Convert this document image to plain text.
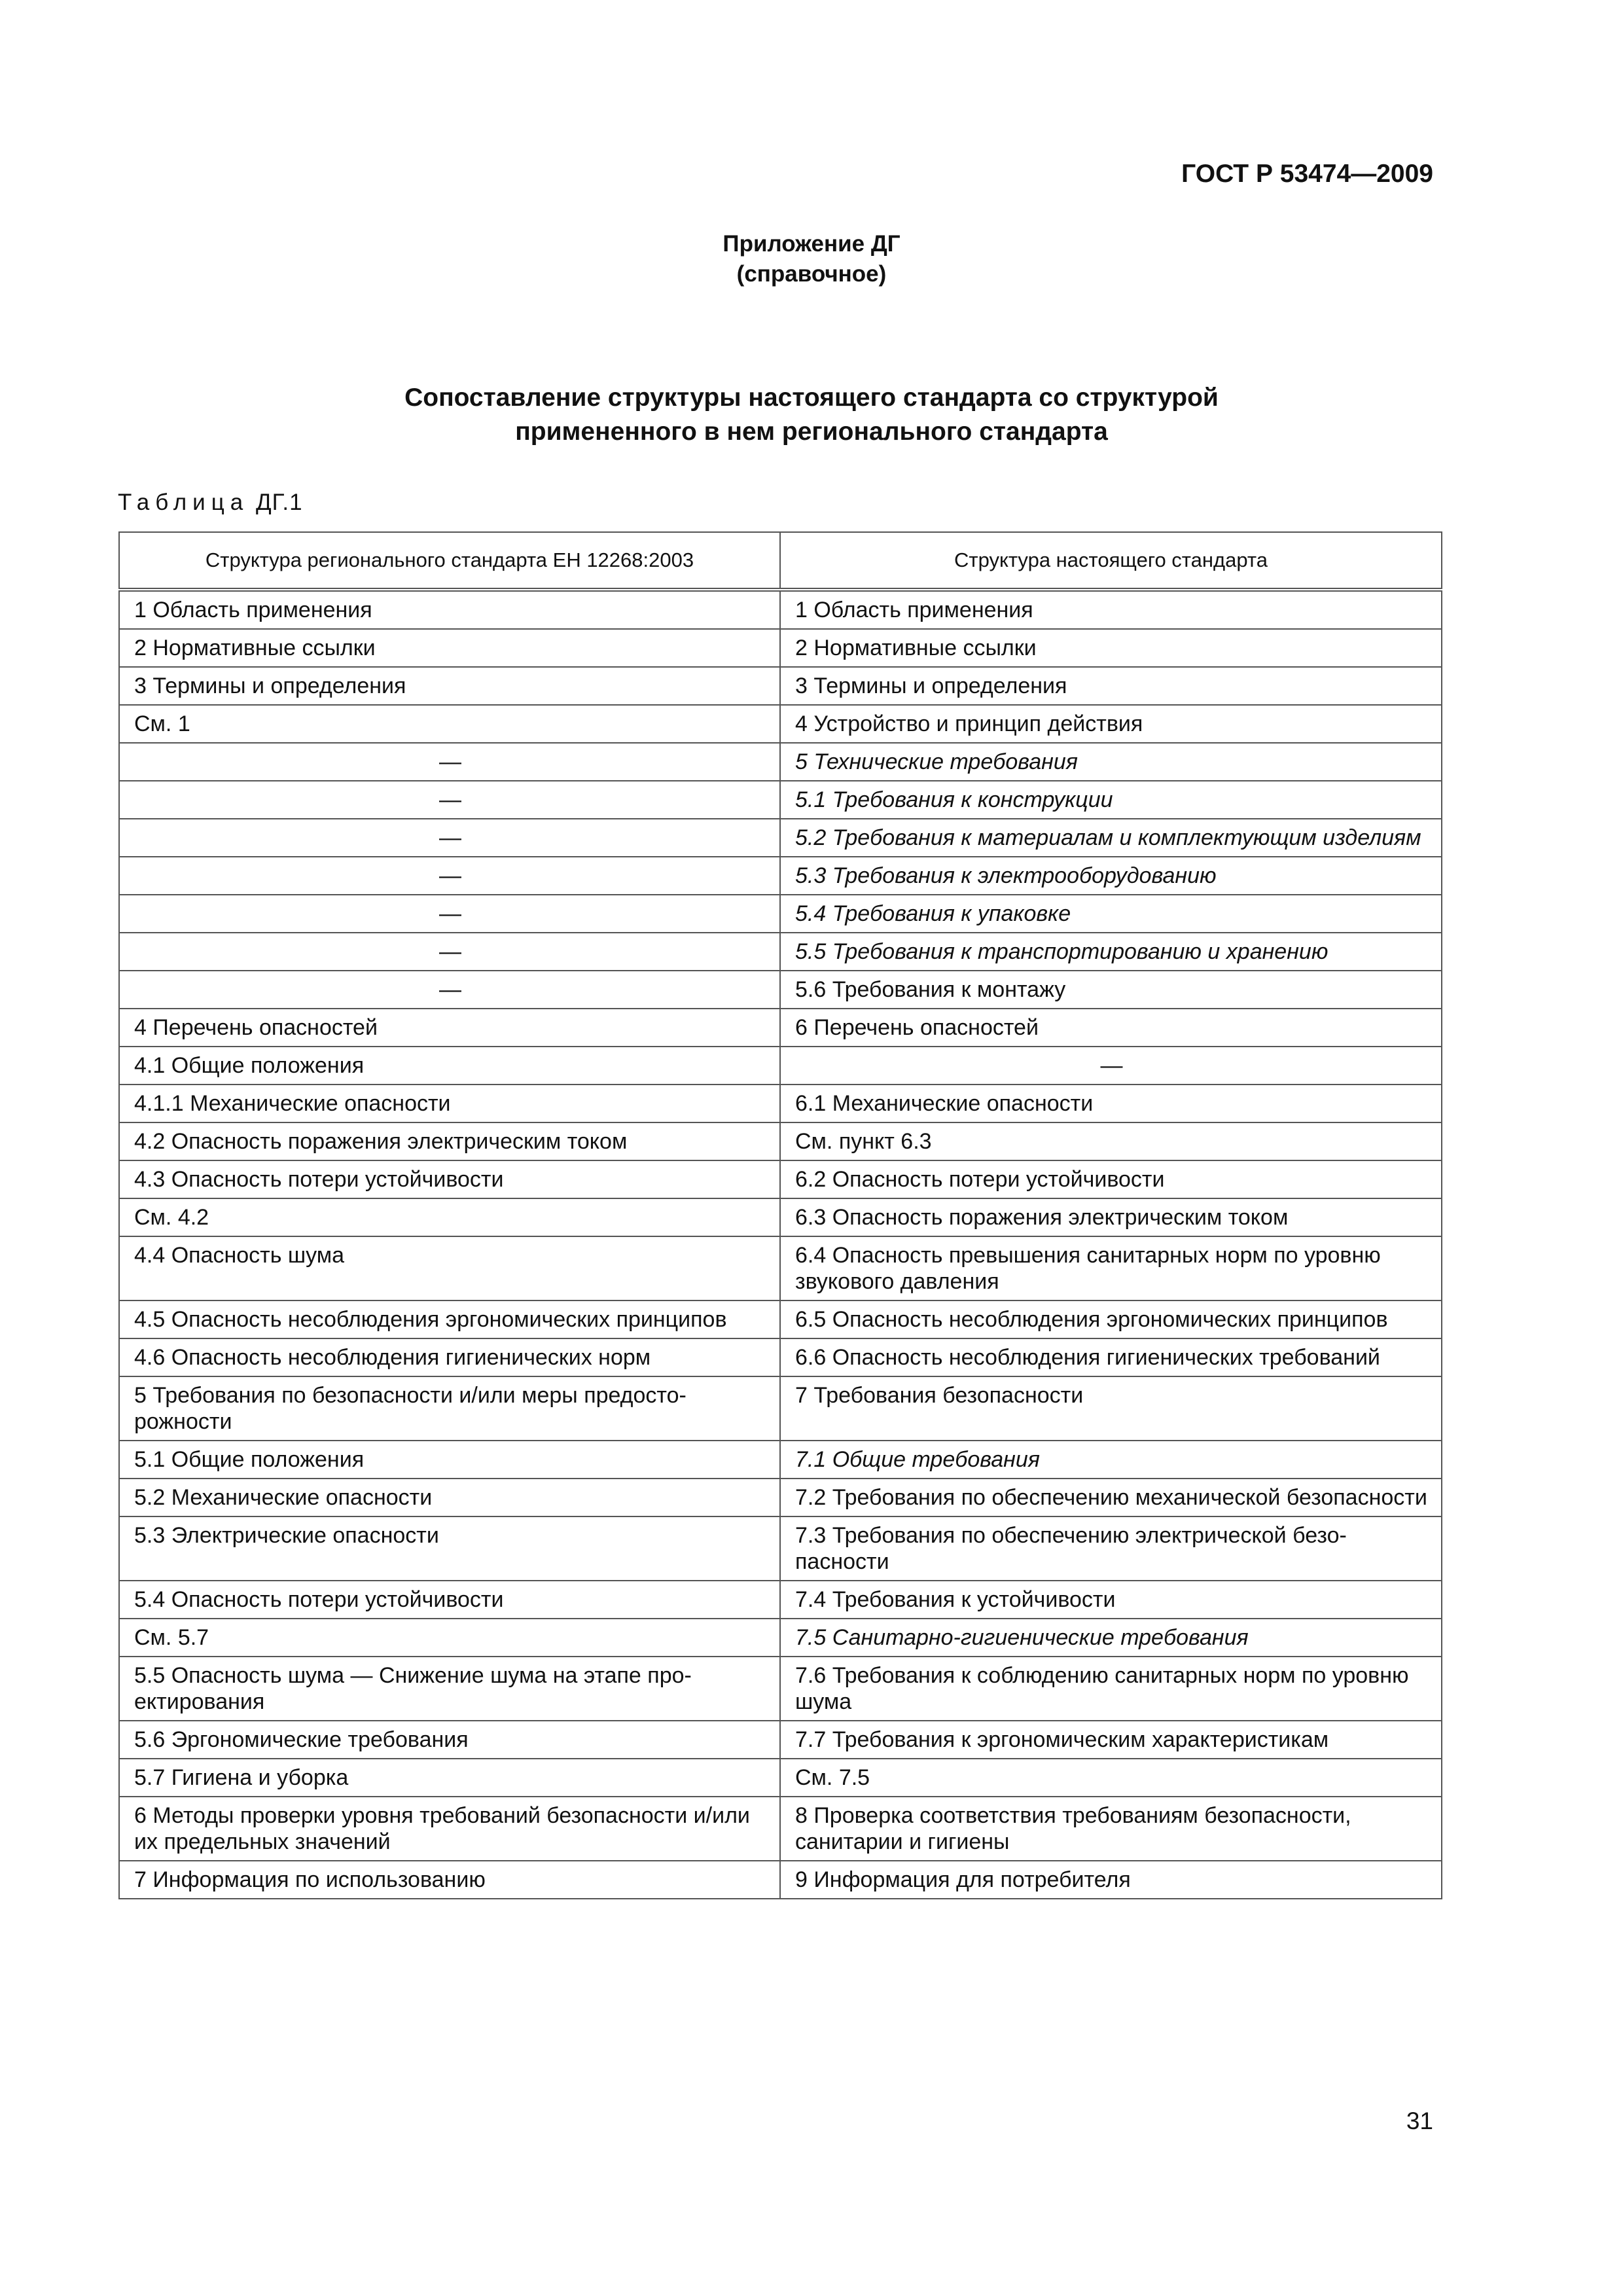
ГОСТ Р 53474—2009
Приложение ДГ
(справочное)
Сопоставление структуры настоящего стандарта со структурой
примененного в нем регионального стандарта
Таблица ДГ.1
Структура регионального стандарта ЕН 12268:2003	Структура настоящего стандарта
1 Область применения	1 Область применения
2 Нормативные ссылки	2 Нормативные ссылки
3 Термины и определения	3 Термины и определения
См. 1	4 Устройство и принцип действия
—	5 Технические требования
—	5.1 Требования к конструкции
—	5.2 Требования к материалам и комплектующим изделиям
—	5.3 Требования к электрооборудованию
—	5.4 Требования к упаковке
—	5.5 Требования к транспортированию и хранению
—	5.6 Требования к монтажу
4 Перечень опасностей	6 Перечень опасностей
4.1 Общие положения	—
4.1.1 Механические опасности	6.1 Механические опасности
4.2 Опасность поражения электрическим током	См. пункт 6.3
4.3 Опасность потери устойчивости	6.2 Опасность потери устойчивости
См. 4.2	6.3 Опасность поражения электрическим током
4.4 Опасность шума	6.4 Опасность превышения санитарных норм по уровню звукового давления
4.5 Опасность несоблюдения эргономических принципов	6.5 Опасность несоблюдения эргономических принципов
4.6 Опасность несоблюдения гигиенических норм	6.6 Опасность несоблюдения гигиенических требований
5 Требования по безопасности и/или меры предосторожности	7 Требования безопасности
5.1 Общие положения	7.1 Общие требования
5.2 Механические опасности	7.2 Требования по обеспечению механической безопасности
5.3 Электрические опасности	7.3 Требования по обеспечению электрической безопасности
5.4 Опасность потери устойчивости	7.4 Требования к устойчивости
См. 5.7	7.5 Санитарно-гигиенические требования
5.5 Опасность шума — Снижение шума на этапе проектирования	7.6 Требования к соблюдению санитарных норм по уровню шума
5.6 Эргономические требования	7.7 Требования к эргономическим характеристикам
5.7 Гигиена и уборка	См. 7.5
6 Методы проверки уровня требований безопасности и/или их предельных значений	8 Проверка соответствия требованиям безопасности, санитарии и гигиены
7 Информация по использованию	9 Информация для потребителя
31
